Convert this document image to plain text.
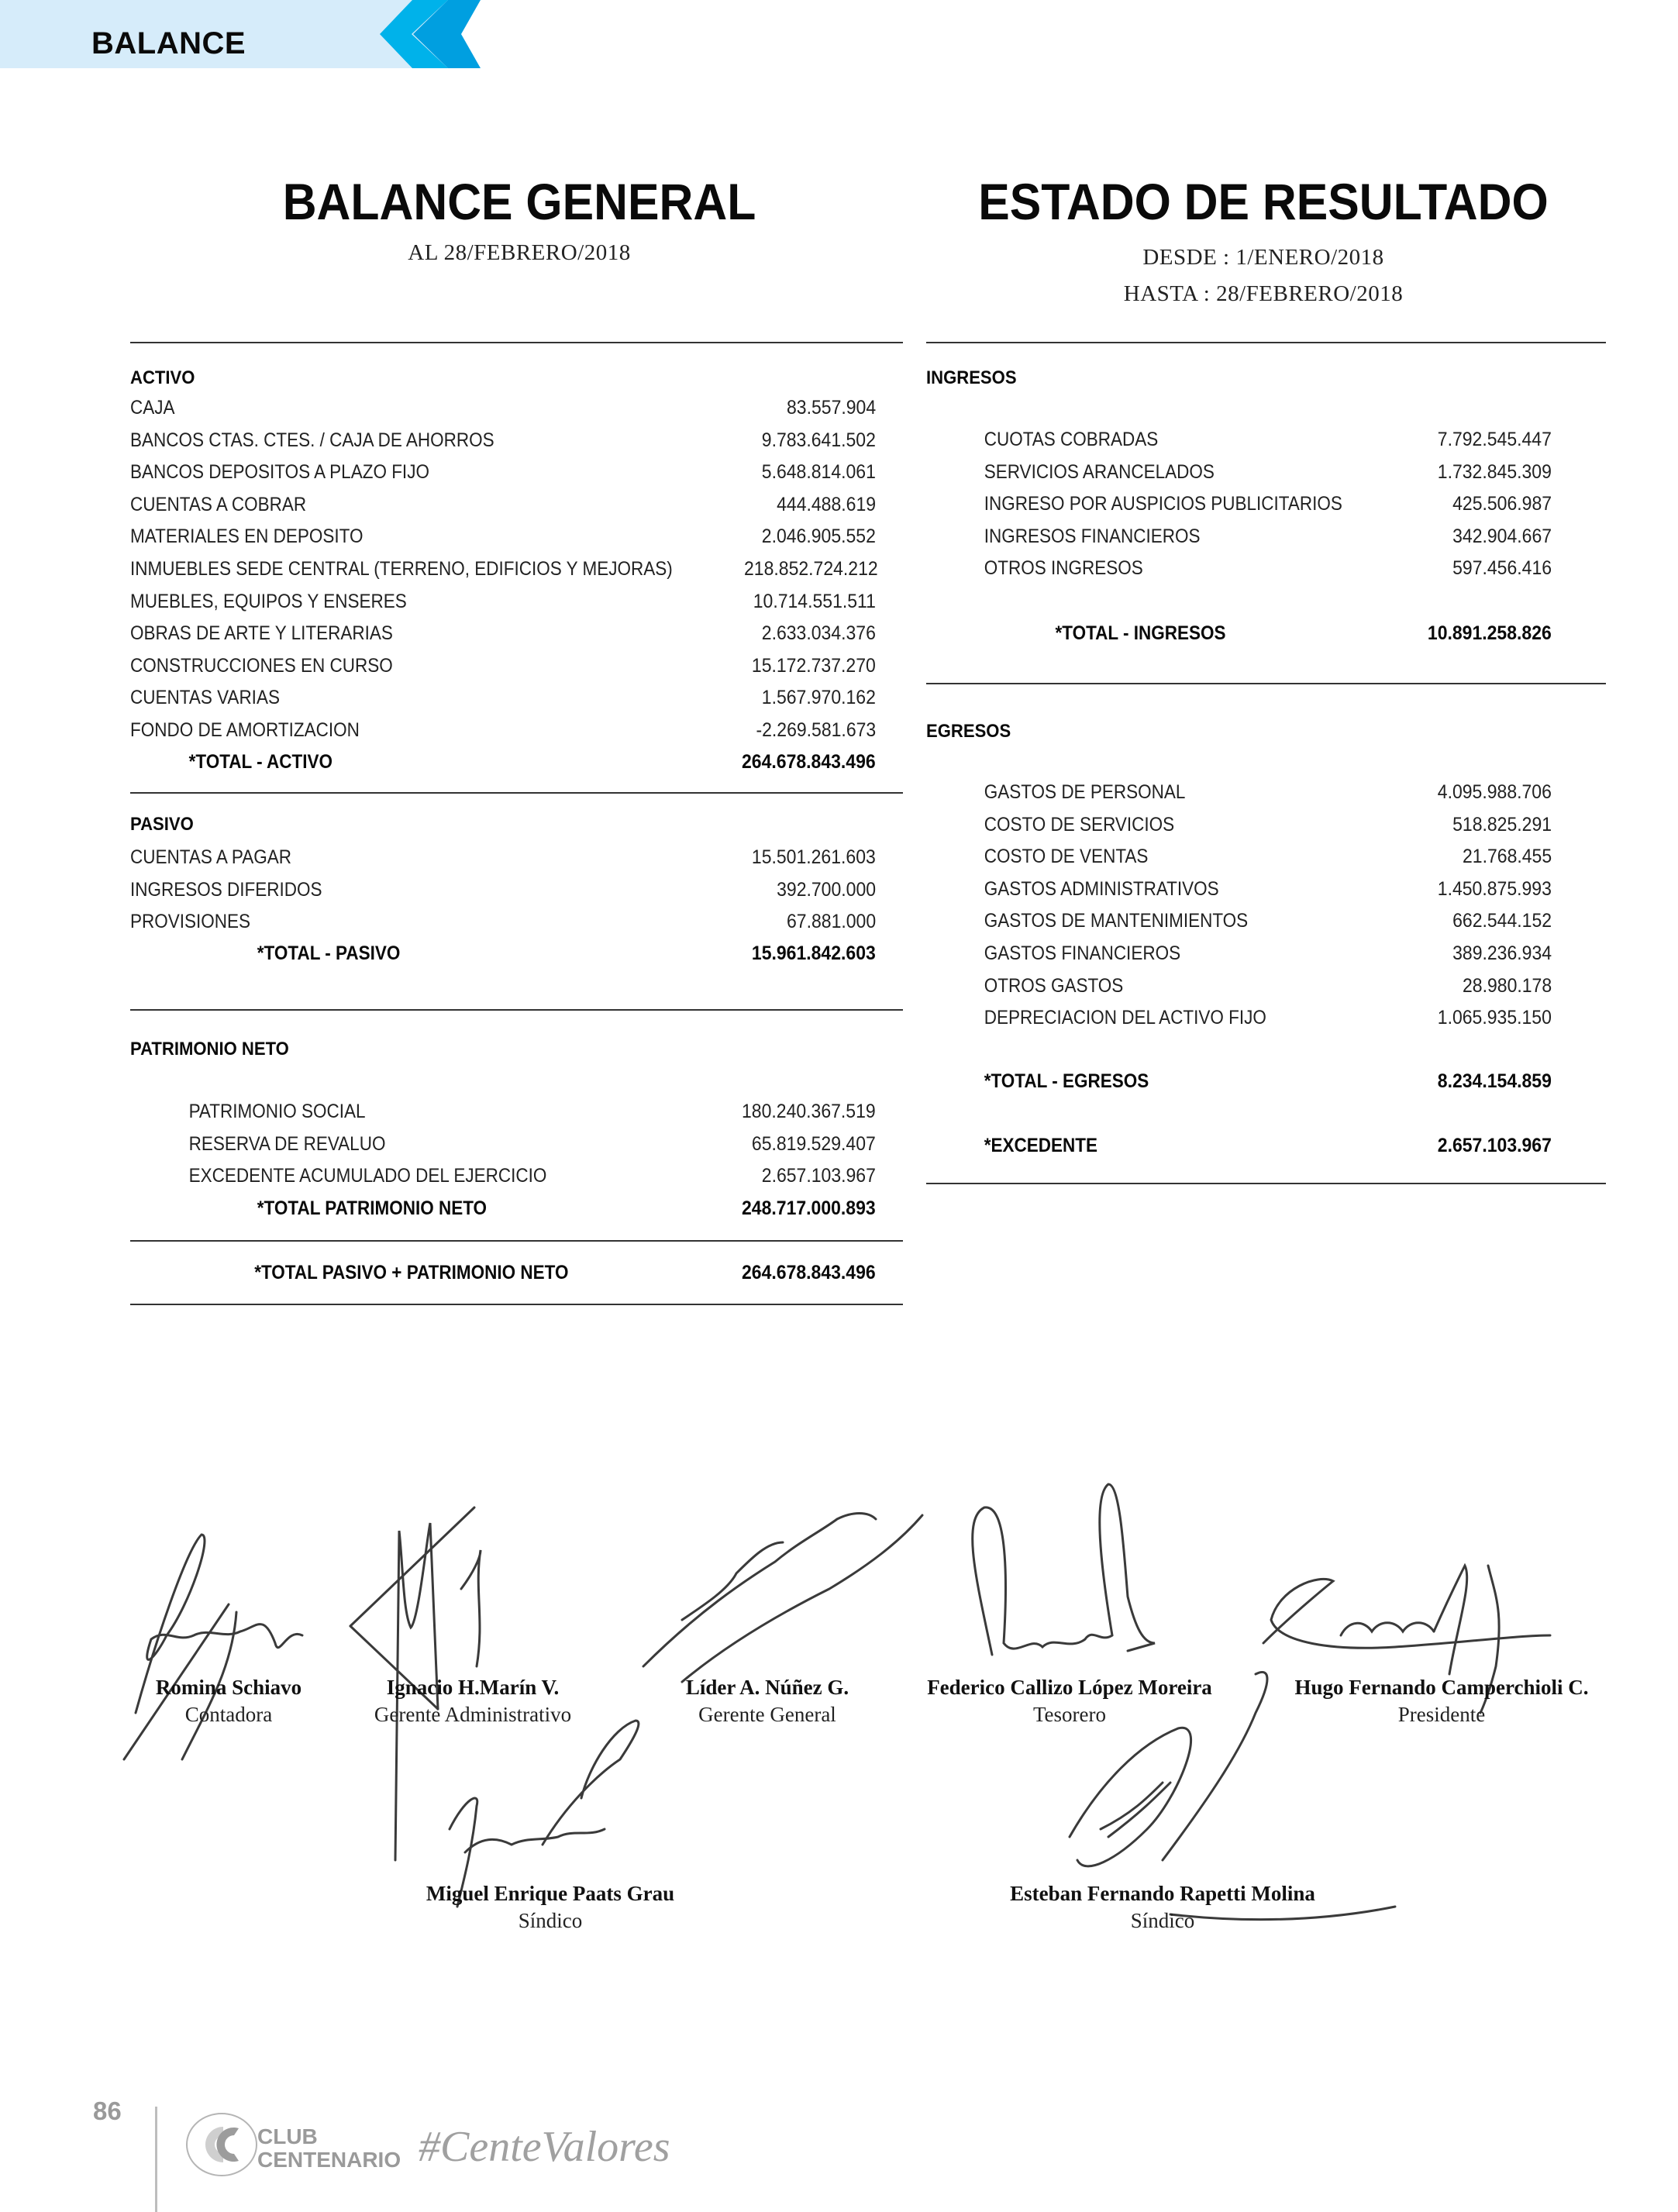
BALANCE
BALANCE GENERAL
AL 28/FEBRERO/2018
ESTADO DE RESULTADO
DESDE : 1/ENERO/2018
HASTA : 28/FEBRERO/2018
ACTIVO
CAJA	83.557.904
BANCOS CTAS. CTES. / CAJA DE AHORROS	9.783.641.502
BANCOS DEPOSITOS A PLAZO FIJO	5.648.814.061
CUENTAS A COBRAR	444.488.619
MATERIALES EN DEPOSITO	2.046.905.552
INMUEBLES SEDE CENTRAL (TERRENO, EDIFICIOS Y MEJORAS)	218.852.724.212
MUEBLES, EQUIPOS Y ENSERES	10.714.551.511
OBRAS DE ARTE Y LITERARIAS	2.633.034.376
CONSTRUCCIONES EN CURSO	15.172.737.270
CUENTAS VARIAS	1.567.970.162
FONDO DE AMORTIZACION	-2.269.581.673
*TOTAL - ACTIVO	264.678.843.496
PASIVO
CUENTAS A PAGAR	15.501.261.603
INGRESOS DIFERIDOS	392.700.000
PROVISIONES	67.881.000
*TOTAL - PASIVO	15.961.842.603
PATRIMONIO NETO
PATRIMONIO SOCIAL	180.240.367.519
RESERVA DE REVALUO	65.819.529.407
EXCEDENTE ACUMULADO DEL EJERCICIO	2.657.103.967
*TOTAL PATRIMONIO NETO	248.717.000.893
*TOTAL PASIVO + PATRIMONIO NETO	264.678.843.496
INGRESOS
CUOTAS COBRADAS	7.792.545.447
SERVICIOS ARANCELADOS	1.732.845.309
INGRESO POR AUSPICIOS PUBLICITARIOS	425.506.987
INGRESOS FINANCIEROS	342.904.667
OTROS INGRESOS	597.456.416
*TOTAL - INGRESOS	10.891.258.826
EGRESOS
GASTOS DE PERSONAL	4.095.988.706
COSTO DE SERVICIOS	518.825.291
COSTO DE VENTAS	21.768.455
GASTOS ADMINISTRATIVOS	1.450.875.993
GASTOS DE MANTENIMIENTOS	662.544.152
GASTOS FINANCIEROS	389.236.934
OTROS GASTOS	28.980.178
DEPRECIACION DEL ACTIVO FIJO	1.065.935.150
*TOTAL - EGRESOS	8.234.154.859
*EXCEDENTE	2.657.103.967
Romina Schiavo
Contadora
Ignacio H.Marín V.
Gerente Administrativo
Líder A. Núñez G.
Gerente General
Federico Callizo López Moreira
Tesorero
Hugo Fernando Camperchioli C.
Presidente
Miguel Enrique Paats Grau
Síndico
Esteban Fernando Rapetti Molina
Síndico
86
CLUB
CENTENARIO #CenteValores
